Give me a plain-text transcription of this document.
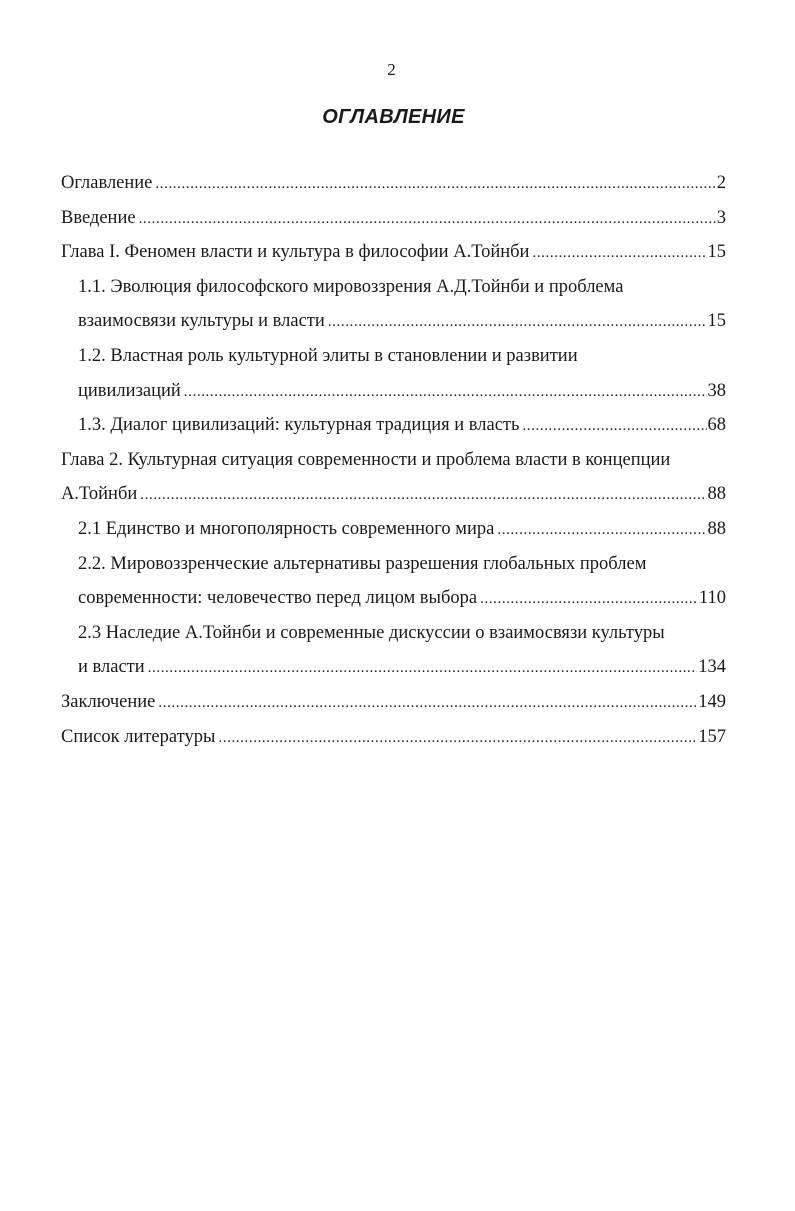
2
ОГЛАВЛЕНИЕ
Оглавление .....	2
Введение .....	3
Глава I. Феномен власти и культура в философии А.Тойнби .....	15
1.1. Эволюция философского мировоззрения А.Д.Тойнби и проблема
взаимосвязи культуры и власти .....	15
1.2. Властная роль культурной элиты в становлении и развитии
цивилизаций .....	38
1.3. Диалог цивилизаций: культурная традиция и власть .....	68
Глава 2. Культурная ситуация современности и проблема власти в концепции
А.Тойнби .....	88
2.1 Единство и многополярность современного мира .....	88
2.2. Мировоззренческие альтернативы разрешения глобальных проблем
современности: человечество перед лицом выбора .....	110
2.3 Наследие А.Тойнби и современные дискуссии о взаимосвязи культуры
и власти .....	134
Заключение .....	149
Список литературы .....	157
